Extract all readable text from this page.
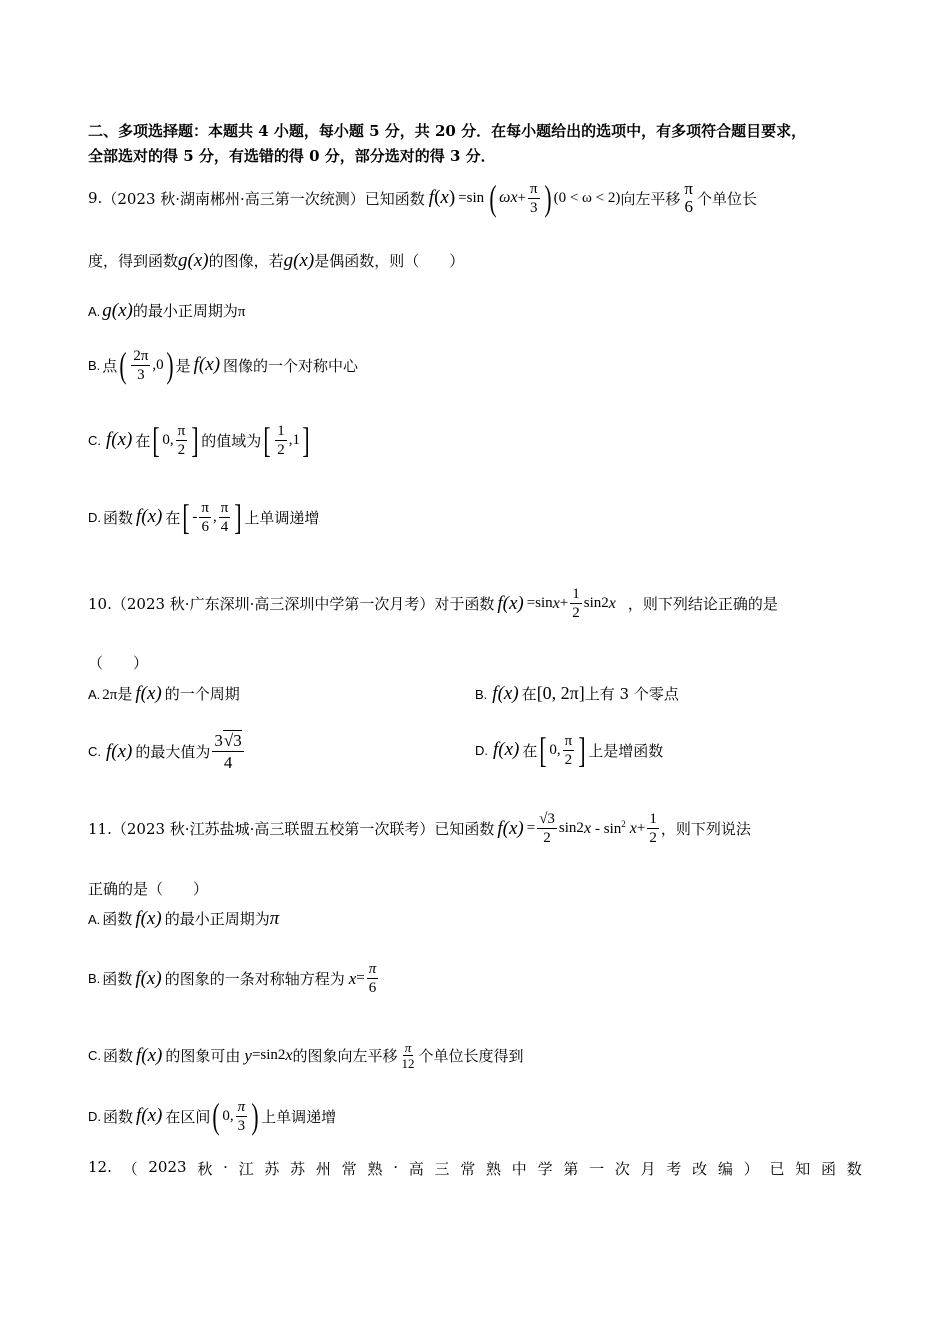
二、多项选择题：本题共 4 小题，每小题 5 分，共 20 分．在每小题给出的选项中，有多项符合题目要求，
全部选对的得 5 分，有选错的得 0 分，部分选对的得 3 分．
9. （2023 秋·湖南郴州·高三第一次统测）已知函数 f ( x ) =sin ( $\omega x + \frac{\pi}{3}$ ) (0 < ω < 2) 向左平移
π
6 个单位长
度，得到函数g(x)的图像，若g(x)是偶函数，则（　　）
A. g(x)的最小正周期为π
B. 点 ( $\frac{2\pi}{3} ,0$ ) 是 f(x) 图像的一个对称中心
C. f(x) 在 [ 0, $\frac{\pi}{2}$ ] 的值域为 [ $\frac{1}{2} ,1$ ]
D. 函数 f(x) 在 [ - $\frac{\pi}{6}$ , $\frac{\pi}{4}$ ] 上单调递增
10. （2023 秋·广东深圳·高三深圳中学第一次月考）对于函数 f(x) =sin $x + \frac{1}{2} \sin 2$ x ，则下列结论正确的是
（　　）
A. 2π是 f(x) 的一个周期	B. f(x) 在[0, 2π]上有 3 个零点
C. f(x) 的最大值为 $\frac{3√3}{4}$	D. f(x) 在 [ 0, $\frac{\pi}{2}$ ] 上是增函数
11. （2023 秋·江苏盐城·高三联盟五校第一次联考）已知函数 $f(x) = \frac{√3}{2} \sin 2$ $x - \sin^2 x + \frac{1}{2}$ ，则下列说法
正确的是（　　）
A. 函数 f(x) 的最小正周期为π
B. 函数 f(x) 的图象的一条对称轴方程为 $x = \frac{\pi}{6}$
C. 函数 f(x) 的图象可由 y =sin2 x 的图象向左平移 $\frac{\pi}{12}$ 个单位长度得到
D. 函数 f(x) 在区间 ( 0, $\frac{\pi}{3}$ ) 上单调递增
12. （ 2023 秋 · 江 苏 苏 州 常 熟 · 高 三 常 熟 中 学 第 一 次 月 考 改 编 ） 已 知 函 数
